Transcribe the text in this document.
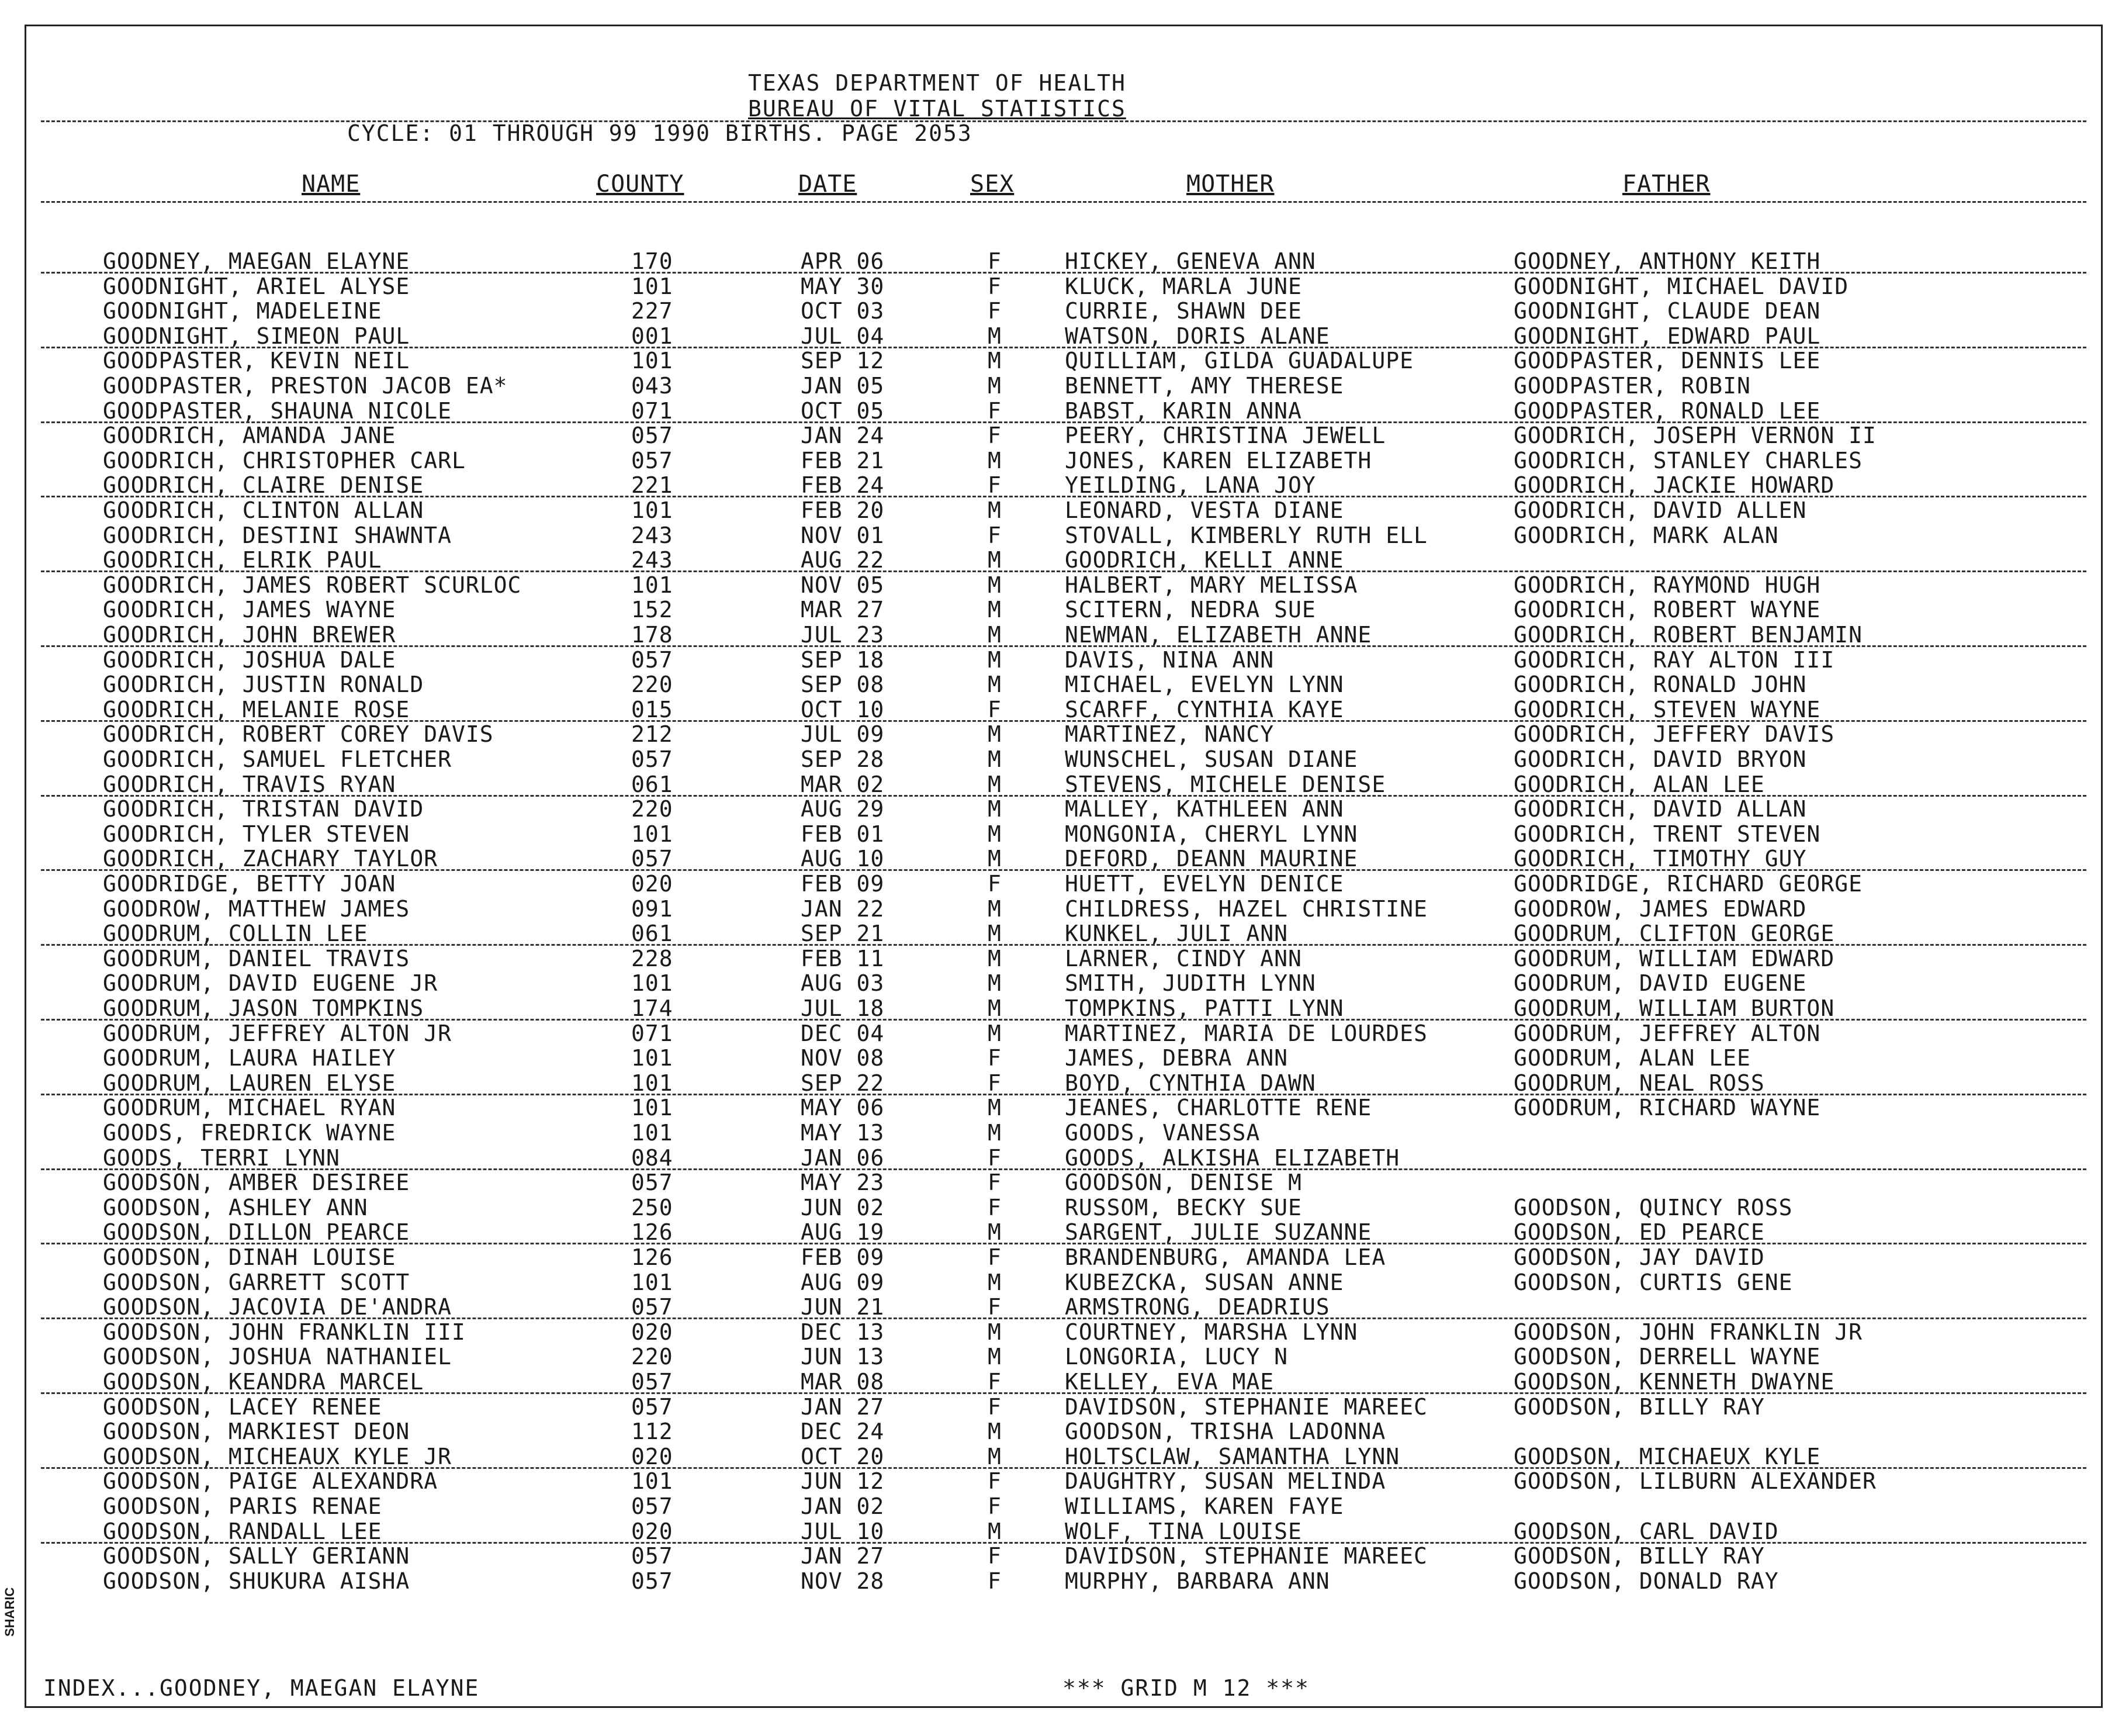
TEXAS DEPARTMENT OF HEALTH
BUREAU OF VITAL STATISTICS
CYCLE: 01 THROUGH 99 1990 BIRTHS. PAGE 2053
NAME	COUNTY	DATE	SEX	MOTHER	FATHER
GOODNEY, MAEGAN ELAYNE	170	APR 06	F	HICKEY, GENEVA ANN	GOODNEY, ANTHONY KEITH
GOODNIGHT, ARIEL ALYSE	101	MAY 30	F	KLUCK, MARLA JUNE	GOODNIGHT, MICHAEL DAVID
GOODNIGHT, MADELEINE	227	OCT 03	F	CURRIE, SHAWN DEE	GOODNIGHT, CLAUDE DEAN
GOODNIGHT, SIMEON PAUL	001	JUL 04	M	WATSON, DORIS ALANE	GOODNIGHT, EDWARD PAUL
GOODPASTER, KEVIN NEIL	101	SEP 12	M	QUILLIAM, GILDA GUADALUPE	GOODPASTER, DENNIS LEE
GOODPASTER, PRESTON JACOB EA*	043	JAN 05	M	BENNETT, AMY THERESE	GOODPASTER, ROBIN
GOODPASTER, SHAUNA NICOLE	071	OCT 05	F	BABST, KARIN ANNA	GOODPASTER, RONALD LEE
GOODRICH, AMANDA JANE	057	JAN 24	F	PEERY, CHRISTINA JEWELL	GOODRICH, JOSEPH VERNON II
GOODRICH, CHRISTOPHER CARL	057	FEB 21	M	JONES, KAREN ELIZABETH	GOODRICH, STANLEY CHARLES
GOODRICH, CLAIRE DENISE	221	FEB 24	F	YEILDING, LANA JOY	GOODRICH, JACKIE HOWARD
GOODRICH, CLINTON ALLAN	101	FEB 20	M	LEONARD, VESTA DIANE	GOODRICH, DAVID ALLEN
GOODRICH, DESTINI SHAWNTA	243	NOV 01	F	STOVALL, KIMBERLY RUTH ELL	GOODRICH, MARK ALAN
GOODRICH, ELRIK PAUL	243	AUG 22	M	GOODRICH, KELLI ANNE
GOODRICH, JAMES ROBERT SCURLOC	101	NOV 05	M	HALBERT, MARY MELISSA	GOODRICH, RAYMOND HUGH
GOODRICH, JAMES WAYNE	152	MAR 27	M	SCITERN, NEDRA SUE	GOODRICH, ROBERT WAYNE
GOODRICH, JOHN BREWER	178	JUL 23	M	NEWMAN, ELIZABETH ANNE	GOODRICH, ROBERT BENJAMIN
GOODRICH, JOSHUA DALE	057	SEP 18	M	DAVIS, NINA ANN	GOODRICH, RAY ALTON III
GOODRICH, JUSTIN RONALD	220	SEP 08	M	MICHAEL, EVELYN LYNN	GOODRICH, RONALD JOHN
GOODRICH, MELANIE ROSE	015	OCT 10	F	SCARFF, CYNTHIA KAYE	GOODRICH, STEVEN WAYNE
GOODRICH, ROBERT COREY DAVIS	212	JUL 09	M	MARTINEZ, NANCY	GOODRICH, JEFFERY DAVIS
GOODRICH, SAMUEL FLETCHER	057	SEP 28	M	WUNSCHEL, SUSAN DIANE	GOODRICH, DAVID BRYON
GOODRICH, TRAVIS RYAN	061	MAR 02	M	STEVENS, MICHELE DENISE	GOODRICH, ALAN LEE
GOODRICH, TRISTAN DAVID	220	AUG 29	M	MALLEY, KATHLEEN ANN	GOODRICH, DAVID ALLAN
GOODRICH, TYLER STEVEN	101	FEB 01	M	MONGONIA, CHERYL LYNN	GOODRICH, TRENT STEVEN
GOODRICH, ZACHARY TAYLOR	057	AUG 10	M	DEFORD, DEANN MAURINE	GOODRICH, TIMOTHY GUY
GOODRIDGE, BETTY JOAN	020	FEB 09	F	HUETT, EVELYN DENICE	GOODRIDGE, RICHARD GEORGE
GOODROW, MATTHEW JAMES	091	JAN 22	M	CHILDRESS, HAZEL CHRISTINE	GOODROW, JAMES EDWARD
GOODRUM, COLLIN LEE	061	SEP 21	M	KUNKEL, JULI ANN	GOODRUM, CLIFTON GEORGE
GOODRUM, DANIEL TRAVIS	228	FEB 11	M	LARNER, CINDY ANN	GOODRUM, WILLIAM EDWARD
GOODRUM, DAVID EUGENE JR	101	AUG 03	M	SMITH, JUDITH LYNN	GOODRUM, DAVID EUGENE
GOODRUM, JASON TOMPKINS	174	JUL 18	M	TOMPKINS, PATTI LYNN	GOODRUM, WILLIAM BURTON
GOODRUM, JEFFREY ALTON JR	071	DEC 04	M	MARTINEZ, MARIA DE LOURDES	GOODRUM, JEFFREY ALTON
GOODRUM, LAURA HAILEY	101	NOV 08	F	JAMES, DEBRA ANN	GOODRUM, ALAN LEE
GOODRUM, LAUREN ELYSE	101	SEP 22	F	BOYD, CYNTHIA DAWN	GOODRUM, NEAL ROSS
GOODRUM, MICHAEL RYAN	101	MAY 06	M	JEANES, CHARLOTTE RENE	GOODRUM, RICHARD WAYNE
GOODS, FREDRICK WAYNE	101	MAY 13	M	GOODS, VANESSA
GOODS, TERRI LYNN	084	JAN 06	F	GOODS, ALKISHA ELIZABETH
GOODSON, AMBER DESIREE	057	MAY 23	F	GOODSON, DENISE M
GOODSON, ASHLEY ANN	250	JUN 02	F	RUSSOM, BECKY SUE	GOODSON, QUINCY ROSS
GOODSON, DILLON PEARCE	126	AUG 19	M	SARGENT, JULIE SUZANNE	GOODSON, ED PEARCE
GOODSON, DINAH LOUISE	126	FEB 09	F	BRANDENBURG, AMANDA LEA	GOODSON, JAY DAVID
GOODSON, GARRETT SCOTT	101	AUG 09	M	KUBEZCKA, SUSAN ANNE	GOODSON, CURTIS GENE
GOODSON, JACOVIA DE'ANDRA	057	JUN 21	F	ARMSTRONG, DEADRIUS
GOODSON, JOHN FRANKLIN III	020	DEC 13	M	COURTNEY, MARSHA LYNN	GOODSON, JOHN FRANKLIN JR
GOODSON, JOSHUA NATHANIEL	220	JUN 13	M	LONGORIA, LUCY N	GOODSON, DERRELL WAYNE
GOODSON, KEANDRA MARCEL	057	MAR 08	F	KELLEY, EVA MAE	GOODSON, KENNETH DWAYNE
GOODSON, LACEY RENEE	057	JAN 27	F	DAVIDSON, STEPHANIE MAREEC	GOODSON, BILLY RAY
GOODSON, MARKIEST DEON	112	DEC 24	M	GOODSON, TRISHA LADONNA
GOODSON, MICHEAUX KYLE JR	020	OCT 20	M	HOLTSCLAW, SAMANTHA LYNN	GOODSON, MICHAEUX KYLE
GOODSON, PAIGE ALEXANDRA	101	JUN 12	F	DAUGHTRY, SUSAN MELINDA	GOODSON, LILBURN ALEXANDER
GOODSON, PARIS RENAE	057	JAN 02	F	WILLIAMS, KAREN FAYE
GOODSON, RANDALL LEE	020	JUL 10	M	WOLF, TINA LOUISE	GOODSON, CARL DAVID
GOODSON, SALLY GERIANN	057	JAN 27	F	DAVIDSON, STEPHANIE MAREEC	GOODSON, BILLY RAY
GOODSON, SHUKURA AISHA	057	NOV 28	F	MURPHY, BARBARA ANN	GOODSON, DONALD RAY
INDEX...GOODNEY, MAEGAN ELAYNE	*** GRID M 12 ***
SHARIC
